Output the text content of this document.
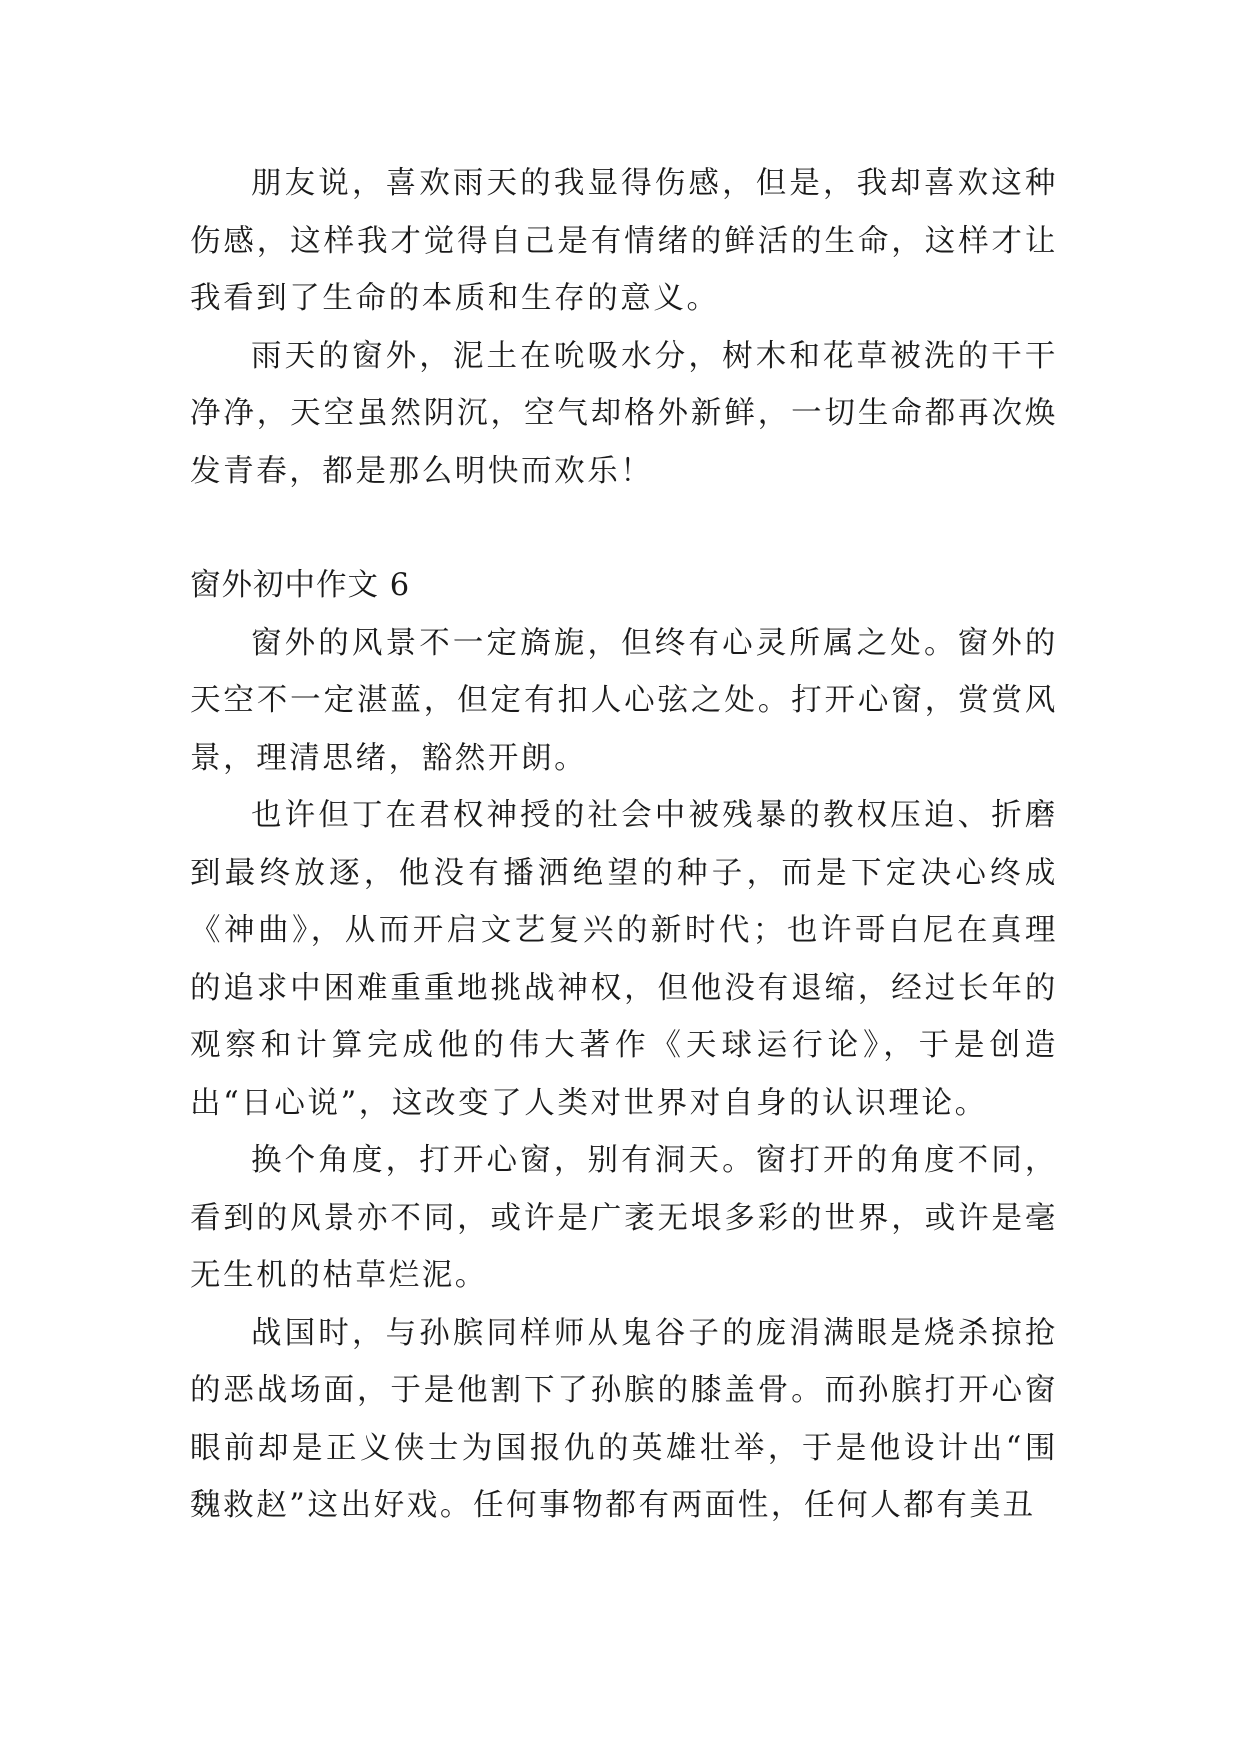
朋友说，喜欢雨天的我显得伤感，但是，我却喜欢这种伤感，这样我才觉得自己是有情绪的鲜活的生命，这样才让我看到了生命的本质和生存的意义。

雨天的窗外，泥土在吮吸水分，树木和花草被洗的干干净净，天空虽然阴沉，空气却格外新鲜，一切生命都再次焕发青春，都是那么明快而欢乐！

窗外初中作文 6

窗外的风景不一定旖旎，但终有心灵所属之处。窗外的天空不一定湛蓝，但定有扣人心弦之处。打开心窗，赏赏风景，理清思绪，豁然开朗。

也许但丁在君权神授的社会中被残暴的教权压迫、折磨到最终放逐，他没有播洒绝望的种子，而是下定决心终成《神曲》，从而开启文艺复兴的新时代；也许哥白尼在真理的追求中困难重重地挑战神权，但他没有退缩，经过长年的观察和计算完成他的伟大著作《天球运行论》，于是创造出“日心说”，这改变了人类对世界对自身的认识理论。

换个角度，打开心窗，别有洞天。窗打开的角度不同，看到的风景亦不同，或许是广袤无垠多彩的世界，或许是毫无生机的枯草烂泥。

战国时，与孙膑同样师从鬼谷子的庞涓满眼是烧杀掠抢的恶战场面，于是他割下了孙膑的膝盖骨。而孙膑打开心窗眼前却是正义侠士为国报仇的英雄壮举，于是他设计出“围魏救赵”这出好戏。任何事物都有两面性，任何人都有美丑
